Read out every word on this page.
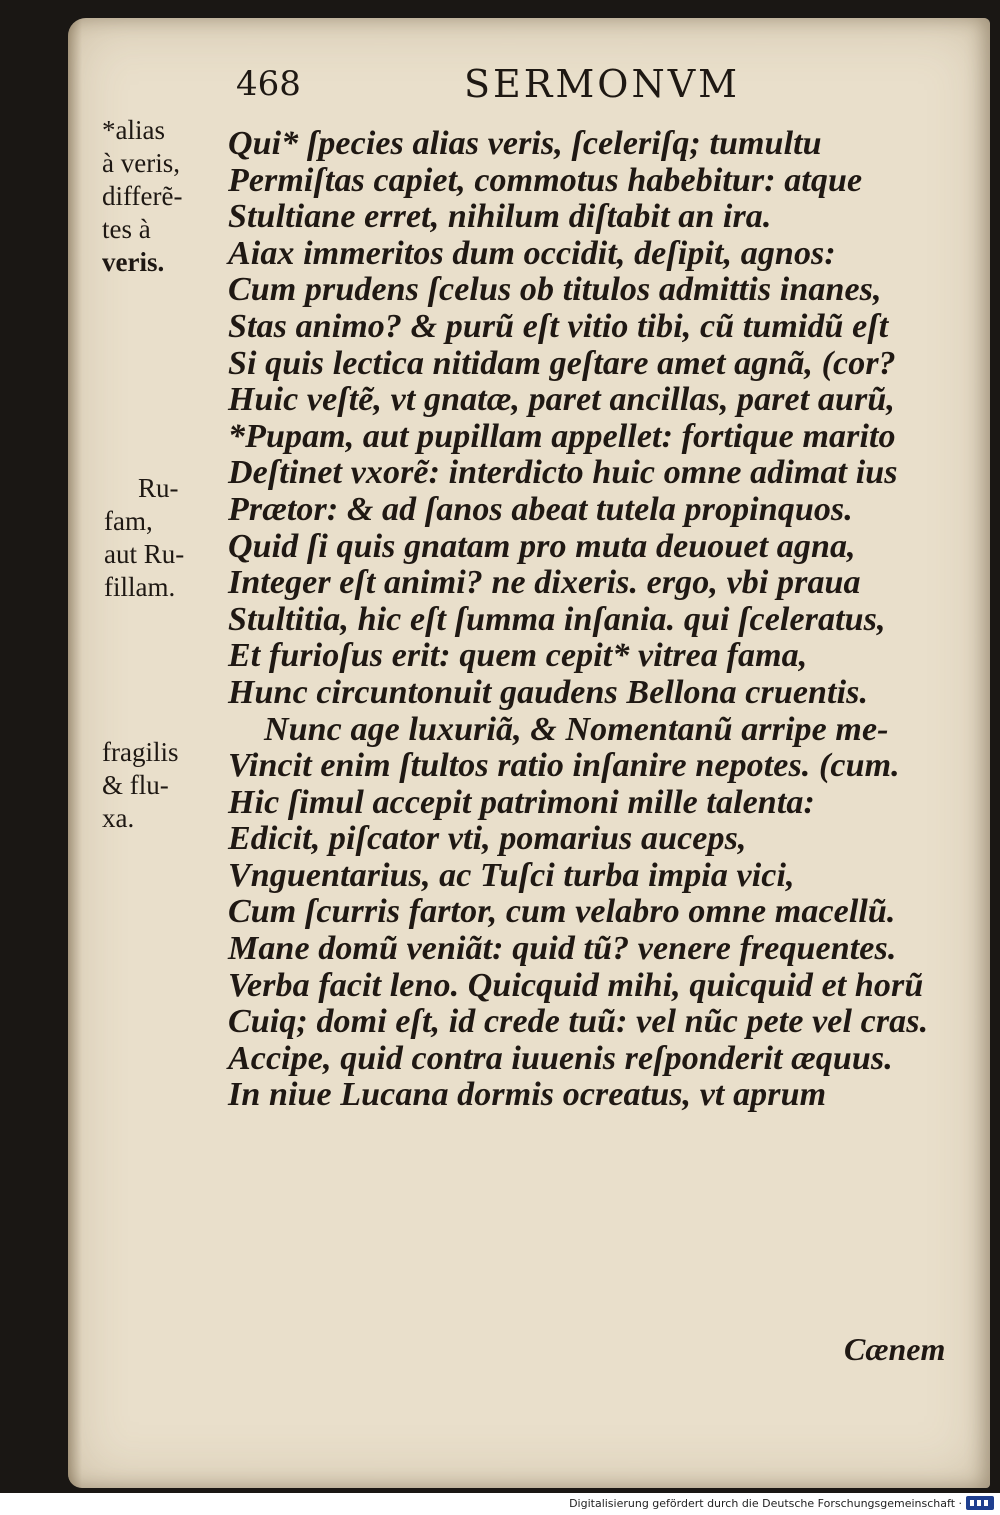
468	SERMONVM

*alias
à veris,
differẽ-
tes à
veris.
Ru-
fam,
aut Ru-
fillam.
fragilis
& flu-
xa.
Qui* ſpecies alias veris, ſceleriſq; tumultu
Permiſtas capiet, commotus habebitur: atque
Stultiane erret, nihilum diſtabit an ira.
Aiax immeritos dum occidit, deſipit, agnos:
Cum prudens ſcelus ob titulos admittis inanes,
Stas animo? & purũ eſt vitio tibi, cũ tumidũ eſt
Si quis lectica nitidam geſtare amet agnã, (cor?
Huic veſtẽ, vt gnatæ, paret ancillas, paret aurũ,
*Pupam, aut pupillam appellet: fortique marito
Deſtinet vxorẽ: interdicto huic omne adimat ius
Prætor: & ad ſanos abeat tutela propinquos.
Quid ſi quis gnatam pro muta deuouet agna,
Integer eſt animi? ne dixeris. ergo, vbi praua
Stultitia, hic eſt ſumma inſania. qui ſceleratus,
Et furioſus erit: quem cepit* vitrea fama,
Hunc circuntonuit gaudens Bellona cruentis.
Nunc age luxuriã, & Nomentanũ arripe me-
Vincit enim ſtultos ratio inſanire nepotes. (cum.
Hic ſimul accepit patrimoni mille talenta:
Edicit, piſcator vti, pomarius auceps,
Vnguentarius, ac Tuſci turba impia vici,
Cum ſcurris fartor, cum velabro omne macellũ.
Mane domũ veniãt: quid tũ? venere frequentes.
Verba facit leno. Quicquid mihi, quicquid et horũ
Cuiq; domi eſt, id crede tuũ: vel nũc pete vel cras.
Accipe, quid contra iuuenis reſponderit æquus.
In niue Lucana dormis ocreatus, vt aprum

Cænem

Digitalisierung gefördert durch die Deutsche Forschungsgemeinschaft ·
